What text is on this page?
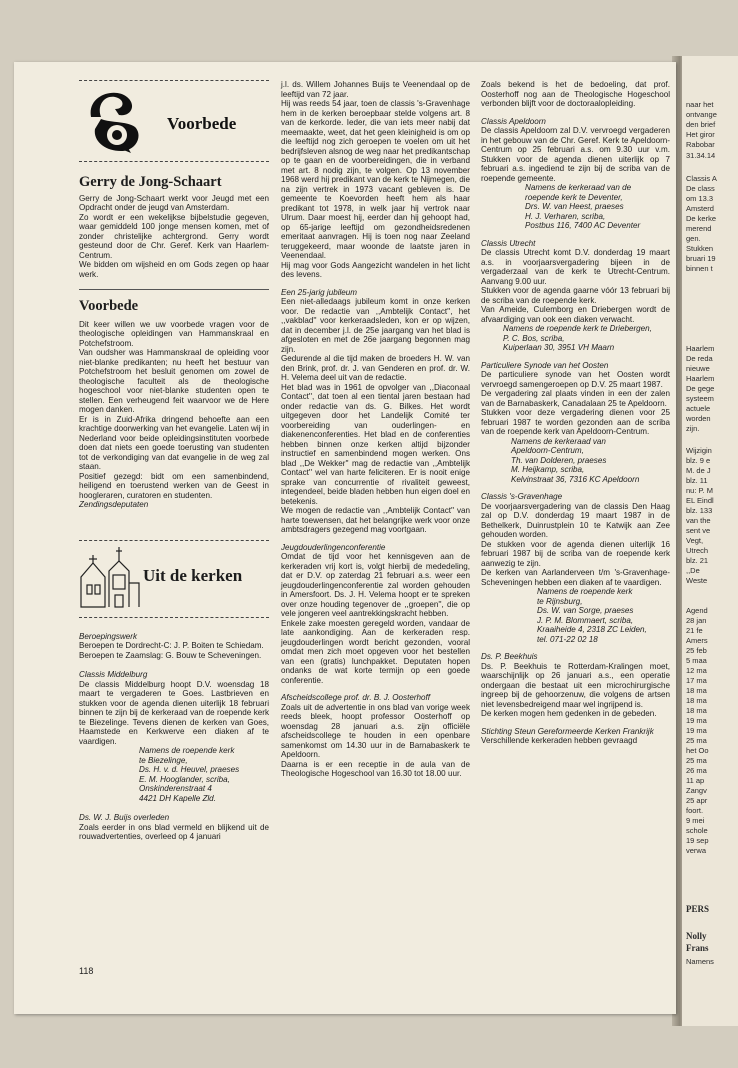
naar het
ontvange
den brief
Het giror
Rabobar
31.34.14
Classis A
De class
om 13.3
Amsterd
De kerke
merend
gen.
Stukken
bruari 19
binnen t
Haarlem
De reda
nieuwe
Haarlem
De gege
systeem
actuele
worden
zijn.
Wijzigin
blz. 9 e
M. de J
blz. 11
nu: P. M
EL Eindl
blz. 133
van the
sent ve
Vegt,
Utrech
blz. 21
,,De
Weste
Agend
28 jan
21 fe
Amers
25 feb
5 maa
12 ma
17 ma
18 ma
18 ma
18 ma
19 ma
19 ma
25 ma
het Oo
25 ma
26 ma
11 ap
Zangv
25 apr
foort.
9 mei
schole
19 sep
verwa
PERS
Nolly
Frans
Namens
Voorbede
Gerry de Jong-Schaart

Gerry de Jong-Schaart werkt voor Jeugd met een Opdracht onder de jeugd van Amsterdam.

Zo wordt er een wekelijkse bijbelstudie gegeven, waar gemiddeld 100 jonge mensen komen, met of zonder christelijke achtergrond. Gerry wordt gesteund door de Chr. Geref. Kerk van Haarlem-Centrum.

We bidden om wijsheid en om Gods zegen op haar werk.

Voorbede

Dit keer willen we uw voorbede vragen voor de theologische opleidingen van Hammanskraal en Potchefstroom.

Van oudsher was Hammanskraal de opleiding voor niet-blanke predikanten; nu heeft het bestuur van Potchefstroom het besluit genomen om zowel de theologische faculteit als de theologische hogeschool voor niet-blanke studenten open te stellen. Een verheugend feit waarvoor we de Here mogen danken.

Er is in Zuid-Afrika dringend behoefte aan een krachtige doorwerking van het evangelie. Laten wij in Nederland voor beide opleidingsinstituten voorbede doen dat niets een goede toerusting van studenten tot de verkondiging van dat evangelie in de weg zal staan.

Positief gezegd: bidt om een samenbindend, heiligend en toerustend werken van de Geest in hoogleraren, curatoren en studenten.

Zendingsdeputaten

Uit de kerken

Beroepingswerk

Beroepen te Dordrecht-C: J. P. Boiten te Schiedam.

Beroepen te Zaamslag: G. Bouw te Scheveningen.

Classis Middelburg

De classis Middelburg hoopt D.V. woensdag 18 maart te vergaderen te Goes. Lastbrieven en stukken voor de agenda dienen uiterlijk 18 februari binnen te zijn bij de kerkeraad van de roepende kerk te Biezelinge. Tevens dienen de kerken van Goes, Haamstede en Kerkwerve een diaken af te vaardigen.

Namens de roepende kerk

te Biezelinge,

Ds. H. v. d. Heuvel, praeses

E. M. Hooglander, scriba,

Onskinderenstraat 4

4421 DH Kapelle Zld.

Ds. W. J. Buijs overleden

Zoals eerder in ons blad vermeld en blijkend uit de rouwadvertenties, overleed op 4 januari

j.l. ds. Willem Johannes Buijs te Veenendaal op de leeftijd van 72 jaar.

Hij was reeds 54 jaar, toen de classis 's-Gravenhage hem in de kerken beroepbaar stelde volgens art. 8 van de kerkorde. Ieder, die van iets meer nabij dat meemaakte, weet, dat het geen kleinigheid is om op die leeftijd nog zich geroepen te voelen om uit het bedrijfsleven alsnog de weg naar het predikantschap op te gaan en de voorbereidingen, die in verband met art. 8 nodig zijn, te volgen. Op 13 november 1968 werd hij predikant van de kerk te Nijmegen, die na zijn vertrek in 1973 vacant gebleven is. De gemeente te Koevorden heeft hem als haar predikant tot 1978, in welk jaar hij vertrok naar Ulrum. Daar moest hij, eerder dan hij gehoopt had, op 65-jarige leeftijd om gezondheidsredenen emeritaat aanvragen. Hij is toen nog naar Zeeland teruggekeerd, maar woonde de laatste jaren in Veenendaal.

Hij mag voor Gods Aangezicht wandelen in het licht des levens.

Een 25-jarig jubileum

Een niet-alledaags jubileum komt in onze kerken voor. De redactie van ,,Ambtelijk Contact'', het ,,vakblad'' voor kerkeraadsleden, kon er op wijzen, dat in december j.l. de 25e jaargang van het blad is afgesloten en met de 26e jaargang begonnen mag zijn.

Gedurende al die tijd maken de broeders H. W. van den Brink, prof. dr. J. van Genderen en prof. dr. W. H. Velema deel uit van de redactie.

Het blad was in 1961 de opvolger van ,,Diaconaal Contact'', dat toen al een tiental jaren bestaan had onder redactie van ds. G. Bilkes. Het wordt uitgegeven door het Landelijk Comité ter voorbereiding van ouderlingen- en diakenenconferenties. Het blad en de conferenties hebben binnen onze kerken altijd bijzonder instructief en samenbindend mogen werken. Ons blad ,,De Wekker'' mag de redactie van ,,Ambtelijk Contact'' wel van harte feliciteren. Er is nooit enige sprake van concurrentie of rivaliteit geweest, integendeel, beide bladen hebben hun eigen doel en betekenis.

We mogen de redactie van ,,Ambtelijk Contact'' van harte toewensen, dat het belangrijke werk voor onze ambtsdragers gezegend mag voortgaan.

Jeugdouderlingenconferentie

Omdat de tijd voor het kennisgeven aan de kerkeraden vrij kort is, volgt hierbij de mededeling, dat er D.V. op zaterdag 21 februari a.s. weer een jeugdouderlingenconferentie zal worden gehouden in Amersfoort. Ds. J. H. Velema hoopt er te spreken over onze houding tegenover de ,,groepen'', die op vele jongeren veel aantrekkingskracht hebben.

Enkele zake moesten geregeld worden, vandaar de late aankondiging. Aan de kerkeraden resp. jeugdouderlingen wordt bericht gezonden, vooral omdat men zich moet opgeven voor het bestellen van een (gratis) lunchpakket. Deputaten hopen ondanks de wat korte termijn op een goede conferentie.

Afscheidscollege prof. dr. B. J. Oosterhoff

Zoals uit de advertentie in ons blad van vorige week reeds bleek, hoopt professor Oosterhoff op woensdag 28 januari a.s. zijn officiële afscheidscollege te houden in een openbare samenkomst om 14.30 uur in de Barnabaskerk te Apeldoorn.

Daarna is er een receptie in de aula van de Theologische Hogeschool van 16.30 tot 18.00 uur.

Zoals bekend is het de bedoeling, dat prof. Oosterhoff nog aan de Theologische Hogeschool verbonden blijft voor de doctoraalopleiding.

Classis Apeldoorn

De classis Apeldoorn zal D.V. vervroegd vergaderen in het gebouw van de Chr. Geref. Kerk te Apeldoorn-Centrum op 25 februari a.s. om 9.30 uur v.m. Stukken voor de agenda dienen uiterlijk op 7 februari a.s. ingediend te zijn bij de scriba van de roepende gemeente.

Namens de kerkeraad van de

roepende kerk te Deventer,

Drs. W. van Heest, praeses

H. J. Verharen, scriba,

Postbus 116, 7400 AC Deventer

Classis Utrecht

De classis Utrecht komt D.V. donderdag 19 maart a.s. in voorjaarsvergadering bijeen in de vergaderzaal van de kerk te Utrecht-Centrum. Aanvang 9.00 uur.

Stukken voor de agenda gaarne vóór 13 februari bij de scriba van de roepende kerk.

Van Ameide, Culemborg en Driebergen wordt de afvaardiging van ook een diaken verwacht.

Namens de roepende kerk te Driebergen,

P. C. Bos, scriba,

Kuiperlaan 30, 3951 VH Maarn

Particuliere Synode van het Oosten

De particuliere synode van het Oosten wordt vervroegd samengeroepen op D.V. 25 maart 1987.

De vergadering zal plaats vinden in een der zalen van de Barnabaskerk, Canadalaan 25 te Apeldoorn.

Stukken voor deze vergadering dienen voor 25 februari 1987 te worden gezonden aan de scriba van de roepende kerk van Apeldoorn-Centrum.

Namens de kerkeraad van

Apeldoorn-Centrum,

Th. van Dolderen, praeses

M. Heijkamp, scriba,

Kelvinstraat 36, 7316 KC Apeldoorn

Classis 's-Gravenhage

De voorjaarsvergadering van de classis Den Haag zal op D.V. donderdag 19 maart 1987 in de Bethelkerk, Duinrustplein 10 te Katwijk aan Zee gehouden worden.

De stukken voor de agenda dienen uiterlijk 16 februari 1987 bij de scriba van de roepende kerk aanwezig te zijn.

De kerken van Aarlanderveen t/m 's-Gravenhage-Scheveningen hebben een diaken af te vaardigen.

Namens de roepende kerk

te Rijnsburg,

Ds. W. van Sorge, praeses

J. P. M. Blommaert, scriba,

Kraaiheide 4, 2318 ZC Leiden,

tel. 071-22 02 18

Ds. P. Beekhuis

Ds. P. Beekhuis te Rotterdam-Kralingen moet, waarschijnlijk op 26 januari a.s., een operatie ondergaan die bestaat uit een microchirurgische ingreep bij de gehoorzenuw, die volgens de artsen niet levensbedreigend maar wel ingrijpend is.

De kerken mogen hem gedenken in de gebeden.

Stichting Steun Gereformeerde Kerken Frankrijk

Verschillende kerkeraden hebben gevraagd

118
